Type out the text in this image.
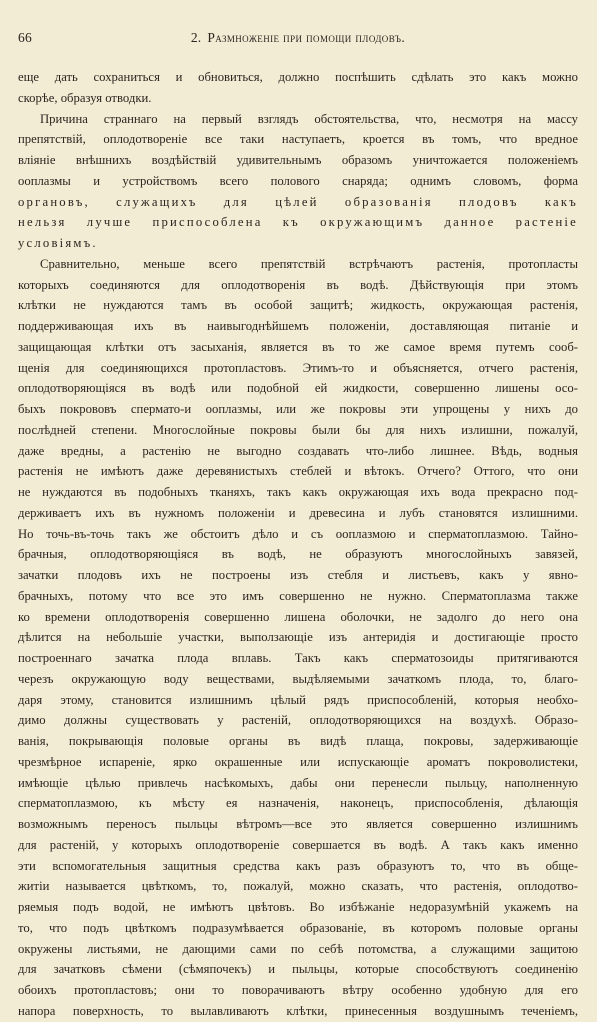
66	2. Размноженіе при помощи плодовъ.
еще дать сохраниться и обновиться, должно поспѣшить сдѣлать это какъ можно
скорѣе, образуя отводки.
Причина страннаго на первый взглядъ обстоятельства, что, несмотря на массу
препятствій, оплодотвореніе все таки наступаетъ, кроется въ томъ, что вредное
вліяніе внѣшнихъ воздѣйствій удивительнымъ образомъ уничтожается положеніемъ
ооплазмы и устройствомъ всего полового снаряда; однимъ словомъ, форма
органовъ, служащихъ для цѣлей образованія плодовъ какъ
нельзя лучше приспособлена къ окружающимъ данное растеніе
условіямъ.
Сравнительно, меньше всего препятствій встрѣчаютъ растенія, протопласты
которыхъ соединяются для оплодотворенія въ водѣ. Дѣйствующія при этомъ
клѣтки не нуждаются тамъ въ особой защитѣ; жидкость, окружающая растенія,
поддерживающая ихъ въ наивыгоднѣйшемъ положеніи, доставляющая питаніе и
защищающая клѣтки отъ засыханія, является въ то же самое время путемъ сооб-
щенія для соединяющихся протопластовъ. Этимъ-то и объясняется, отчего растенія,
оплодотворяющіяся въ водѣ или подобной ей жидкости, совершенно лишены осо-
быхъ покрововъ спермато-и ооплазмы, или же покровы эти упрощены у нихъ до
послѣдней степени. Многослойные покровы были бы для нихъ излишни, пожалуй,
даже вредны, а растенію не выгодно создавать что-либо лишнее. Вѣдь, водныя
растенія не имѣютъ даже деревянистыхъ стеблей и вѣтокъ. Отчего? Оттого, что они
не нуждаются въ подобныхъ тканяхъ, такъ какъ окружающая ихъ вода прекрасно под-
держиваетъ ихъ въ нужномъ положеніи и древесина и лубъ становятся излишними.
Но точь-въ-точь такъ же обстоитъ дѣло и съ ооплазмою и сперматоплазмою. Тайно-
брачныя, оплодотворяющіяся въ водѣ, не образуютъ многослойныхъ завязей,
зачатки плодовъ ихъ не построены изъ стебля и листьевъ, какъ у явно-
брачныхъ, потому что все это имъ совершенно не нужно. Сперматоплазма также
ко времени оплодотворенія совершенно лишена оболочки, не задолго до него она
дѣлится на небольшіе участки, выползающіе изъ антеридія и достигающіе просто
построеннаго зачатка плода вплавь. Такъ какъ сперматозоиды притягиваются
черезъ окружающую воду веществами, выдѣляемыми зачаткомъ плода, то, благо-
даря этому, становится излишнимъ цѣлый рядъ приспособленій, которыя необхо-
димо должны существовать у растеній, оплодотворяющихся на воздухѣ. Образо-
ванія, покрывающія половые органы въ видѣ плаща, покровы, задерживающіе
чрезмѣрное испареніе, ярко окрашенные или испускающіе ароматъ покроволистеки,
имѣющіе цѣлью привлечь насѣкомыхъ, дабы они перенесли пыльцу, наполненную
сперматоплазмою, къ мѣсту ея назначенія, наконецъ, приспособленія, дѣлающія
возможнымъ переносъ пыльцы вѣтромъ—все это является совершенно излишнимъ
для растеній, у которыхъ оплодотвореніе совершается въ водѣ. А такъ какъ именно
эти вспомогательныя защитныя средства какъ разъ образуютъ то, что въ обще-
житіи называется цвѣткомъ, то, пожалуй, можно сказать, что растенія, оплодотво-
ряемыя подъ водой, не имѣютъ цвѣтовъ. Во избѣжаніе недоразумѣній укажемъ на
то, что подъ цвѣткомъ подразумѣвается образованіе, въ которомъ половые органы
окружены листьями, не дающими сами по себѣ потомства, а служащими защитою
для зачатковъ сѣмени (сѣмяпочекъ) и пыльцы, которые способствуютъ соединенію
обоихъ протопластовъ; они то поворачиваютъ вѣтру особенно удобную для его
напора поверхность, то вылавливаютъ клѣтки, принесенныя воздушнымъ теченіемъ,
